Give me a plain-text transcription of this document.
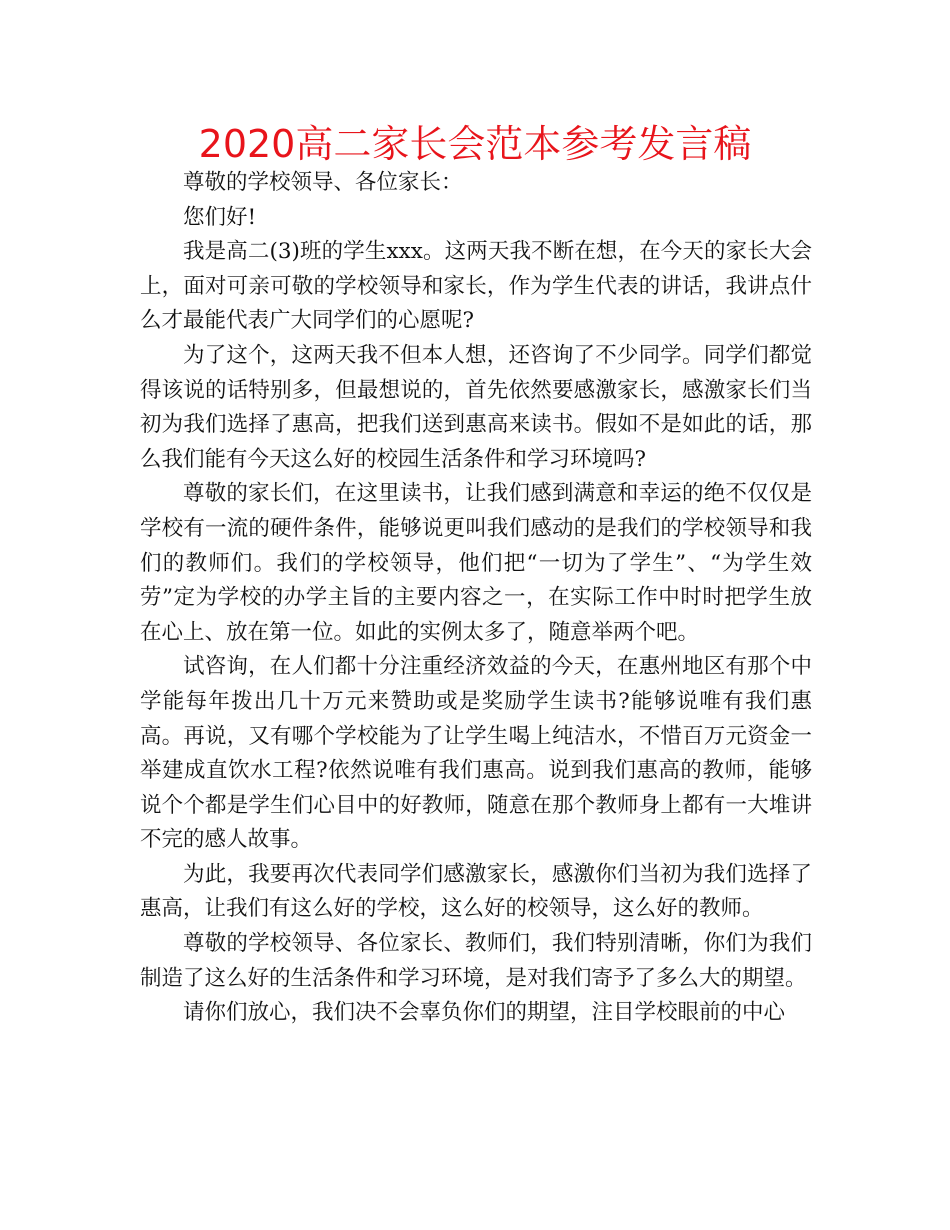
2020高二家长会范本参考发言稿

尊敬的学校领导、各位家长：

您们好!

我是高二(3)班的学生xxx。这两天我不断在想，在今天的家长大会上，面对可亲可敬的学校领导和家长，作为学生代表的讲话，我讲点什么才最能代表广大同学们的心愿呢?

为了这个，这两天我不但本人想，还咨询了不少同学。同学们都觉得该说的话特别多，但最想说的，首先依然要感激家长，感激家长们当初为我们选择了惠高，把我们送到惠高来读书。假如不是如此的话，那么我们能有今天这么好的校园生活条件和学习环境吗?

尊敬的家长们，在这里读书，让我们感到满意和幸运的绝不仅仅是学校有一流的硬件条件，能够说更叫我们感动的是我们的学校领导和我们的教师们。我们的学校领导，他们把“一切为了学生”、“为学生效劳”定为学校的办学主旨的主要内容之一，在实际工作中时时把学生放在心上、放在第一位。如此的实例太多了，随意举两个吧。

试咨询，在人们都十分注重经济效益的今天，在惠州地区有那个中学能每年拨出几十万元来赞助或是奖励学生读书?能够说唯有我们惠高。再说，又有哪个学校能为了让学生喝上纯洁水，不惜百万元资金一举建成直饮水工程?依然说唯有我们惠高。说到我们惠高的教师，能够说个个都是学生们心目中的好教师，随意在那个教师身上都有一大堆讲不完的感人故事。

为此，我要再次代表同学们感激家长，感激你们当初为我们选择了惠高，让我们有这么好的学校，这么好的校领导，这么好的教师。

尊敬的学校领导、各位家长、教师们，我们特别清晰，你们为我们制造了这么好的生活条件和学习环境，是对我们寄予了多么大的期望。

请你们放心，我们决不会辜负你们的期望，注目学校眼前的中心
